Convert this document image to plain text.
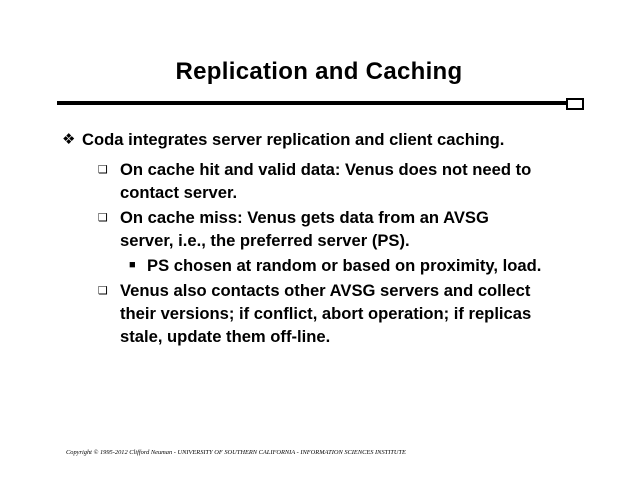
Replication and Caching
❖ Coda integrates server replication and client caching.
❑ On cache hit and valid data: Venus does not need to
contact server.
❑ On cache miss: Venus gets data from an AVSG
server, i.e., the preferred server (PS).
■ PS chosen at random or based on proximity, load.
❑ Venus also contacts other AVSG servers and collect
their versions; if conflict, abort operation; if replicas
stale, update them off-line.
Copyright © 1995-2012 Clifford Neuman - UNIVERSITY OF SOUTHERN CALIFORNIA - INFORMATION SCIENCES INSTITUTE
